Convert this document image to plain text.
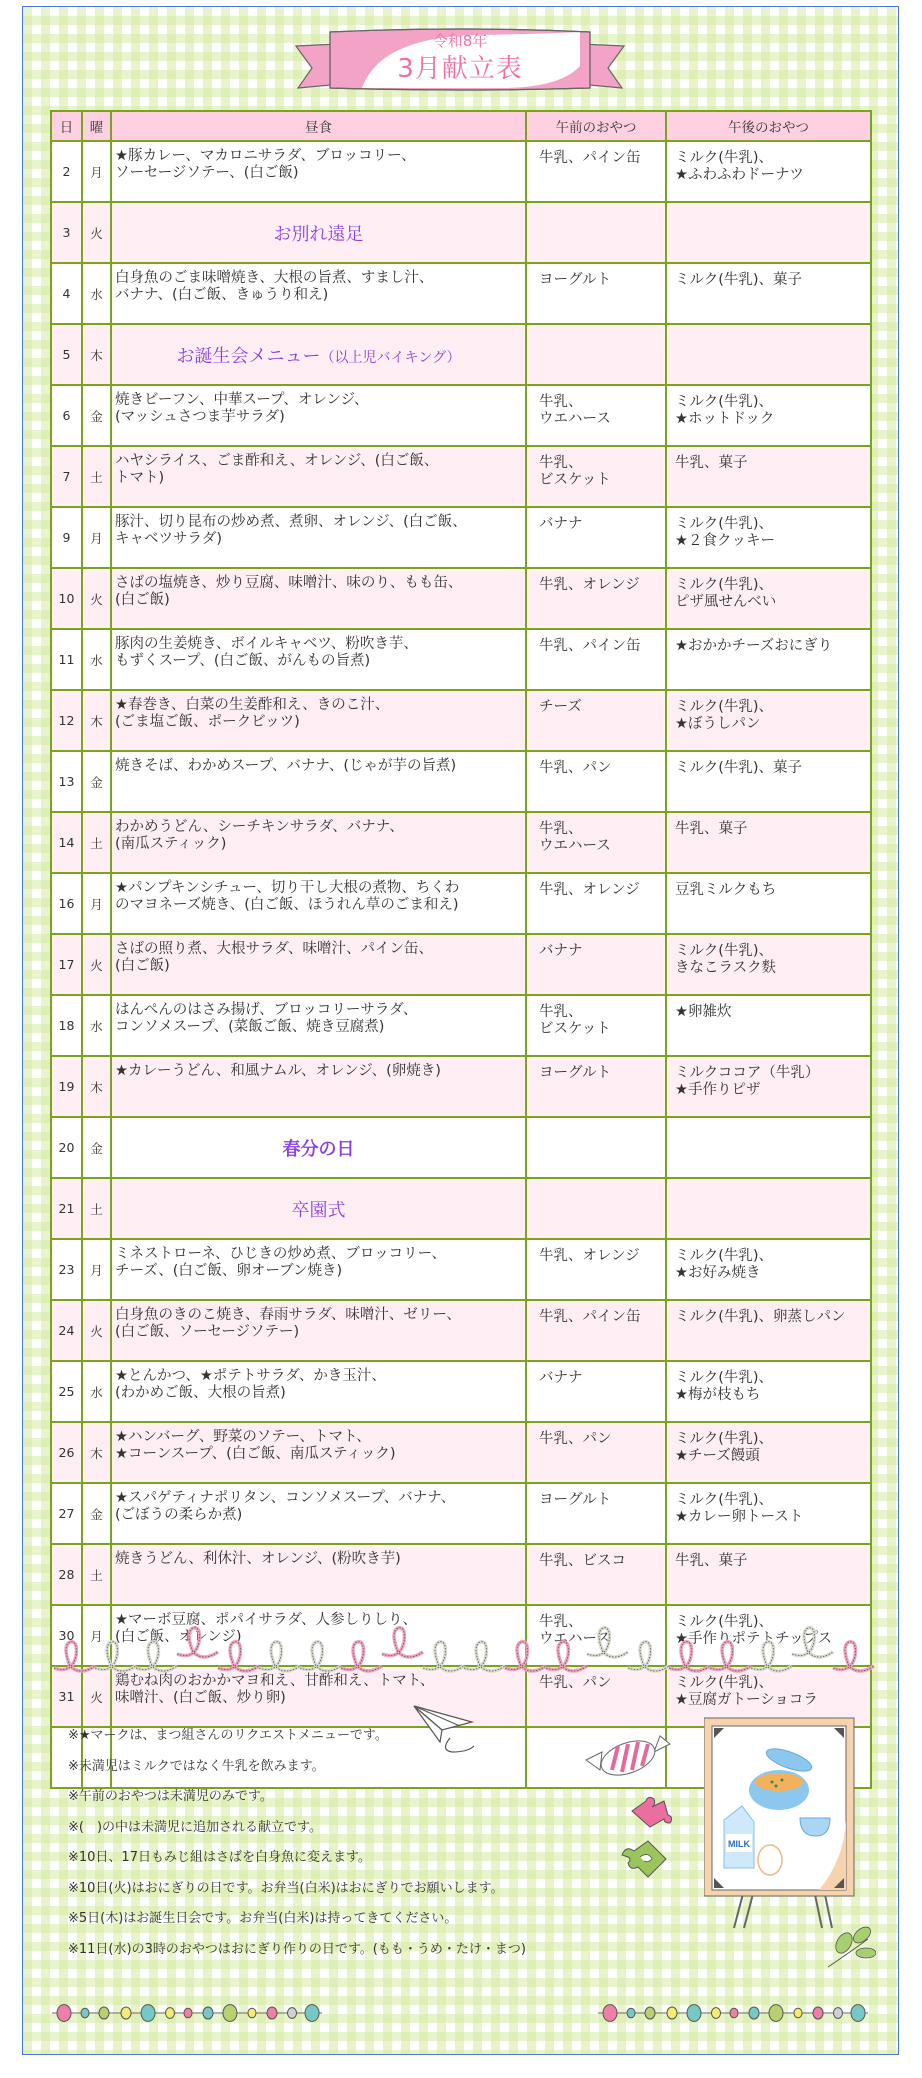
令和8年
3月献立表
日	曜	昼食	午前のおやつ	午後のおやつ
2	月	★豚カレー、マカロニサラダ、ブロッコリー、
ソーセージソテー、(白ご飯)	牛乳、パイン缶	ミルク(牛乳)、
★ふわふわドーナツ

3	火	お別れ遠足		
4	水	白身魚のごま味噌焼き、大根の旨煮、すまし汁、
バナナ、(白ご飯、きゅうり和え)	ヨーグルト	ミルク(牛乳)、菓子

5	木	お誕生会メニュー（以上児バイキング）		
6	金	焼きビーフン、中華スープ、オレンジ、
(マッシュさつま芋サラダ)	牛乳、
ウエハース	ミルク(牛乳)、
★ホットドック

7	土	ハヤシライス、ごま酢和え、オレンジ、(白ご飯、
トマト)	牛乳、
ビスケット	牛乳、菓子

9	月	豚汁、切り昆布の炒め煮、煮卵、オレンジ、(白ご飯、
キャベツサラダ)	バナナ	ミルク(牛乳)、
★２食クッキー

10	火	さばの塩焼き、炒り豆腐、味噌汁、味のり、もも缶、
(白ご飯)	牛乳、オレンジ	ミルク(牛乳)、
ピザ風せんべい

11	水	豚肉の生姜焼き、ボイルキャベツ、粉吹き芋、
もずくスープ、(白ご飯、がんもの旨煮)	牛乳、パイン缶	★おかかチーズおにぎり

12	木	★春巻き、白菜の生姜酢和え、きのこ汁、
(ごま塩ご飯、ポークビッツ)	チーズ	ミルク(牛乳)、
★ぼうしパン

13	金	焼きそば、わかめスープ、バナナ、(じゃが芋の旨煮)	牛乳、パン	ミルク(牛乳)、菓子

14	土	わかめうどん、シーチキンサラダ、バナナ、
(南瓜スティック)	牛乳、
ウエハース	牛乳、菓子

16	月	★パンプキンシチュー、切り干し大根の煮物、ちくわ
のマヨネーズ焼き、(白ご飯、ほうれん草のごま和え)	牛乳、オレンジ	豆乳ミルクもち

17	火	さばの照り煮、大根サラダ、味噌汁、パイン缶、
(白ご飯)	バナナ	ミルク(牛乳)、
きなこラスク麩

18	水	はんぺんのはさみ揚げ、ブロッコリーサラダ、
コンソメスープ、(菜飯ご飯、焼き豆腐煮)	牛乳、
ビスケット	★卵雑炊

19	木	★カレーうどん、和風ナムル、オレンジ、(卵焼き)	ヨーグルト	ミルクココア（牛乳）
★手作りピザ

20	金	春分の日		
21	土	卒園式		
23	月	ミネストローネ、ひじきの炒め煮、ブロッコリー、
チーズ、(白ご飯、卵オーブン焼き)	牛乳、オレンジ	ミルク(牛乳)、
★お好み焼き

24	火	白身魚のきのこ焼き、春雨サラダ、味噌汁、ゼリー、
(白ご飯、ソーセージソテー)	牛乳、パイン缶	ミルク(牛乳)、卵蒸しパン

25	水	★とんかつ、★ポテトサラダ、かき玉汁、
(わかめご飯、大根の旨煮)	バナナ	ミルク(牛乳)、
★梅が枝もち

26	木	★ハンバーグ、野菜のソテー、トマト、
★コーンスープ、(白ご飯、南瓜スティック)	牛乳、パン	ミルク(牛乳)、
★チーズ饅頭

27	金	★スパゲティナポリタン、コンソメスープ、バナナ、
(ごぼうの柔らか煮)	ヨーグルト	ミルク(牛乳)、
★カレー卵トースト

28	土	焼きうどん、利休汁、オレンジ、(粉吹き芋)	牛乳、ビスコ	牛乳、菓子

30	月	★マーボ豆腐、ポパイサラダ、人参しりしり、
(白ご飯、オレンジ)	牛乳、
ウエハース	ミルク(牛乳)、
★手作りポテトチップス

31	火	鶏むね肉のおかかマヨ和え、甘酢和え、トマト、
味噌汁、(白ご飯、炒り卵)	牛乳、パン	ミルク(牛乳)、
★豆腐ガトーショコラ

※★マークは、まつ組さんのリクエストメニューです。
※未満児はミルクではなく牛乳を飲みます。
※午前のおやつは未満児のみです。
※(　)の中は未満児に追加される献立です。
※10日、17日もみじ組はさばを白身魚に変えます。
※10日(火)はおにぎりの日です。お弁当(白米)はおにぎりでお願いします。
※5日(木)はお誕生日会です。お弁当(白米)は持ってきてください。
※11日(水)の3時のおやつはおにぎり作りの日です。(もも・うめ・たけ・まつ)
MILK
